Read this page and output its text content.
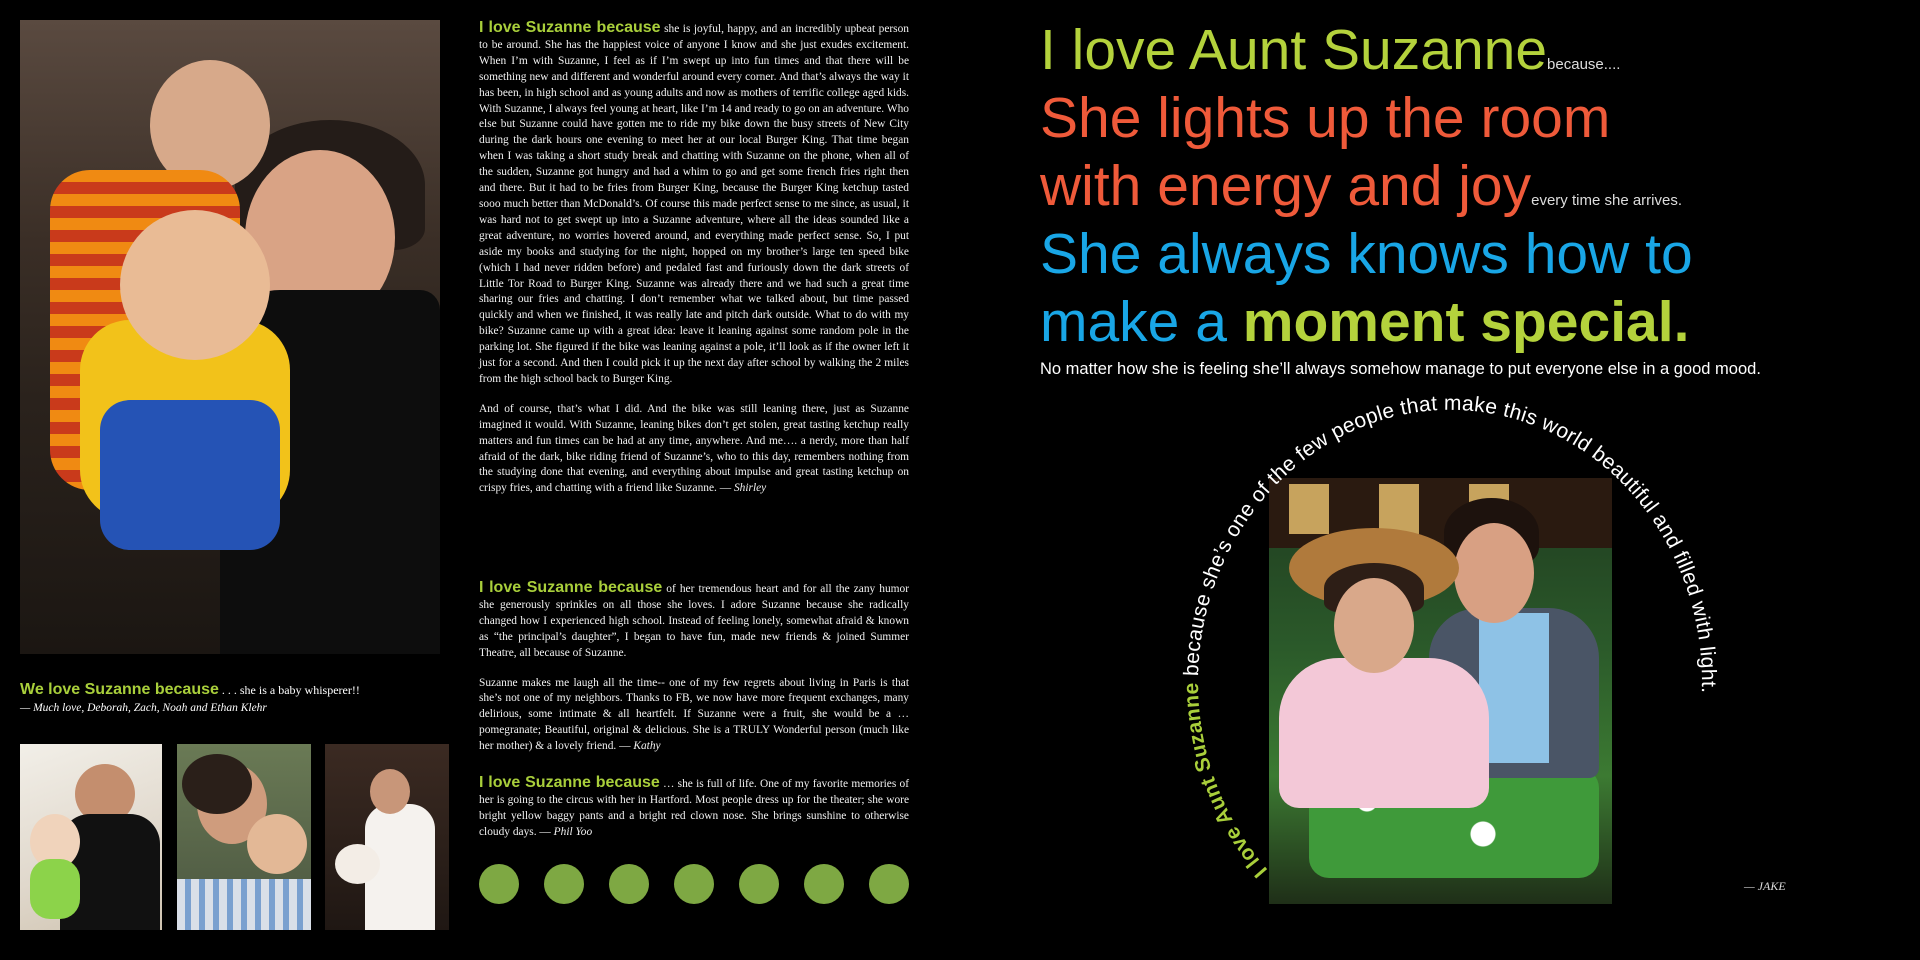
We love Suzanne because . . . she is a baby whisperer!!
— Much love, Deborah, Zach, Noah and Ethan Klehr

I love Suzanne because she is joyful, happy, and an incredibly upbeat person to be around. She has the happiest voice of anyone I know and she just exudes excitement. When I’m with Suzanne, I feel as if I’m swept up into fun times and that there will be something new and different and wonderful around every corner. And that’s always the way it has been, in high school and as young adults and now as mothers of terrific college aged kids. With Suzanne, I always feel young at heart, like I’m 14 and ready to go on an adventure. Who else but Suzanne could have gotten me to ride my bike down the busy streets of New City during the dark hours one evening to meet her at our local Burger King. That time began when I was taking a short study break and chatting with Suzanne on the phone, when all of the sudden, Suzanne got hungry and had a whim to go and get some french fries right then and there. But it had to be fries from Burger King, because the Burger King ketchup tasted sooo much better than McDonald’s. Of course this made perfect sense to me since, as usual, it was hard not to get swept up into a Suzanne adventure, where all the ideas sounded like a great adventure, no worries hovered around, and everything made perfect sense. So, I put aside my books and studying for the night, hopped on my brother’s large ten speed bike (which I had never ridden before) and pedaled fast and furiously down the dark streets of Little Tor Road to Burger King. Suzanne was already there and we had such a great time sharing our fries and chatting. I don’t remember what we talked about, but time passed quickly and when we finished, it was really late and pitch dark outside. What to do with my bike? Suzanne came up with a great idea: leave it leaning against some random pole in the parking lot. She figured if the bike was leaning against a pole, it’ll look as if the owner left it just for a second. And then I could pick it up the next day after school by walking the 2 miles from the high school back to Burger King.

And of course, that’s what I did. And the bike was still leaning there, just as Suzanne imagined it would. With Suzanne, leaning bikes don’t get stolen, great tasting ketchup really matters and fun times can be had at any time, anywhere. And me…. a nerdy, more than half afraid of the dark, bike riding friend of Suzanne’s, who to this day, remembers nothing from the studying done that evening, and everything about impulse and great tasting ketchup on crispy fries, and chatting with a friend like Suzanne. — Shirley

I love Suzanne because of her tremendous heart and for all the zany humor she generously sprinkles on all those she loves. I adore Suzanne because she radically changed how I experienced high school. Instead of feeling lonely, somewhat afraid & known as “the principal’s daughter”, I began to have fun, made new friends & joined Summer Theatre, all because of Suzanne.

Suzanne makes me laugh all the time-- one of my few regrets about living in Paris is that she’s not one of my neighbors. Thanks to FB, we now have more frequent exchanges, many delirious, some intimate & all heartfelt. If Suzanne were a fruit, she would be a …pomegranate; Beautiful, original & delicious. She is a TRULY Wonderful person (much like her mother) & a lovely friend. — Kathy

I love Suzanne because … she is full of life. One of my favorite memories of her is going to the circus with her in Hartford. Most people dress up for the theater; she wore bright yellow baggy pants and a bright red clown nose. She brings sunshine to otherwise cloudy days. — Phil Yoo

I love Aunt Suzannebecause....
She lights up the room
with energy and joyevery time she arrives.
She always knows how to
make a moment special.
No matter how she is feeling she’ll always somehow manage to put everyone else in a good mood.
I love Aunt Suzanne because she’s one of the few people that make this world beautiful and filled with light.
— JAKE
